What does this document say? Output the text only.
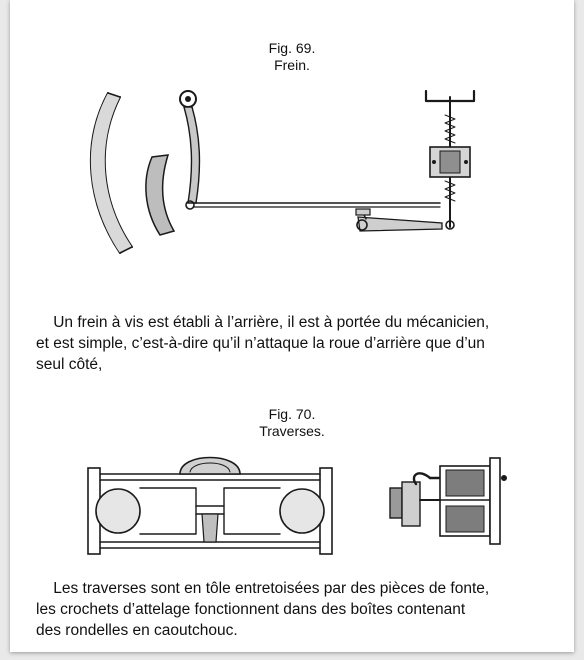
Fig. 69.
Frein.
Un frein à vis est établi à l’arrière, il est à portée du mécanicien,
et est simple, c’est-à-dire qu’il n’attaque la roue d’arrière que d’un
seul côté,
Fig. 70.
Traverses.
Les traverses sont en tôle entretoisées par des pièces de fonte,
les crochets d’attelage fonctionnent dans des boîtes contenant
des rondelles en caoutchouc.
